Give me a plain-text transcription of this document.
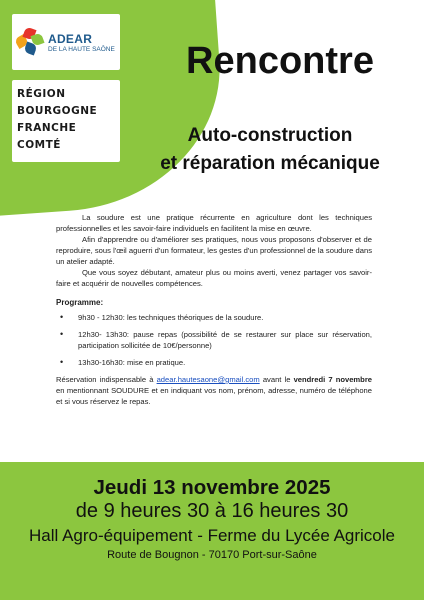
ADEAR
DE LA HAUTE SAÔNE
RÉGION
BOURGOGNE
FRANCHE
COMTÉ
Rencontre
Auto-construction
et réparation mécanique

La soudure est une pratique récurrente en agriculture dont les techniques professionnelles et les savoir-faire individuels en facilitent la mise en œuvre.

Afin d'apprendre ou d'améliorer ses pratiques, nous vous proposons d'observer et de reproduire, sous l'œil aguerri d'un formateur, les gestes d'un professionnel de la soudure dans un atelier adapté.

Que vous soyez débutant, amateur plus ou moins averti, venez partager vos savoir-faire et acquérir de nouvelles compétences.

Programme:
• 9h30 - 12h30: les techniques théoriques de la soudure.
• 12h30- 13h30: pause repas (possibilité de se restaurer sur place sur réservation, participation sollicitée de 10€/personne)
• 13h30-16h30: mise en pratique.

Réservation indispensable à adear.hautesaone@gmail.com avant le vendredi 7 novembre en mentionnant SOUDURE et en indiquant vos nom, prénom, adresse, numéro de téléphone et si vous réservez le repas.

Jeudi 13 novembre 2025
de 9 heures 30 à 16 heures 30
Hall Agro-équipement - Ferme du Lycée Agricole
Route de Bougnon - 70170 Port-sur-Saône
